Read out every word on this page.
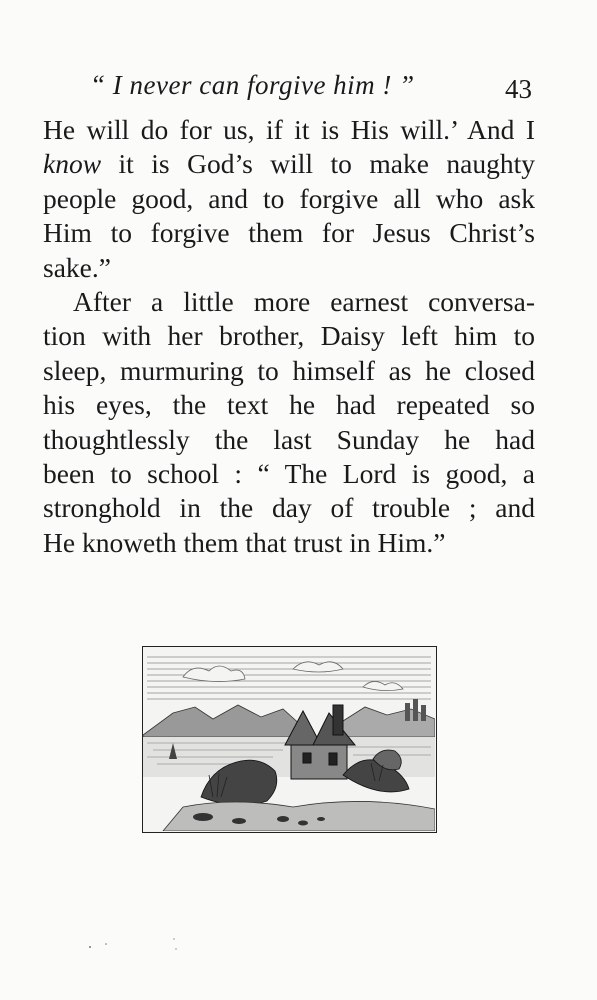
“ I never can forgive him ! ”	43
He will do for us, if it is His will.’ And I
know it is God’s will to make naughty
people good, and to forgive all who ask
Him to forgive them for Jesus Christ’s
sake.”
After a little more earnest conversa-
tion with her brother, Daisy left him to
sleep, murmuring to himself as he closed
his eyes, the text he had repeated so
thoughtlessly the last Sunday he had
been to school : “ The Lord is good, a
stronghold in the day of trouble ; and
He knoweth them that trust in Him.”
